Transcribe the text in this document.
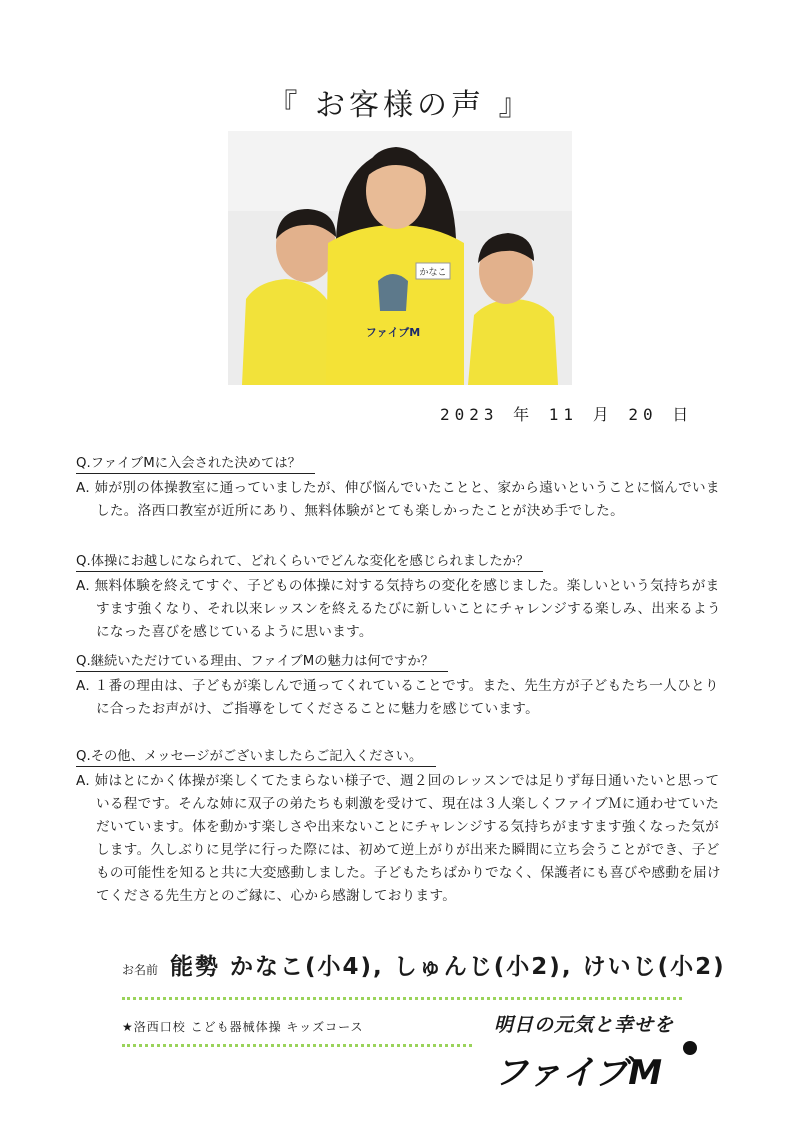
『 お客様の声 』
かなこ
ファイブM
2023 年 11 月 20 日
Q.ファイブMに入会された決めては？
A. 姉が別の体操教室に通っていましたが、伸び悩んでいたことと、家から遠いということに悩んでいました。洛西口教室が近所にあり、無料体験がとても楽しかったことが決め手でした。
Q.体操にお越しになられて、どれくらいでどんな変化を感じられましたか？
A. 無料体験を終えてすぐ、子どもの体操に対する気持ちの変化を感じました。楽しいという気持ちがますます強くなり、それ以来レッスンを終えるたびに新しいことにチャレンジする楽しみ、出来るようになった喜びを感じているように思います。
Q.継続いただけている理由、ファイブMの魅力は何ですか？
A. １番の理由は、子どもが楽しんで通ってくれていることです。また、先生方が子どもたち一人ひとりに合ったお声がけ、ご指導をしてくださることに魅力を感じています。
Q.その他、メッセージがございましたらご記入ください。
A. 姉はとにかく体操が楽しくてたまらない様子で、週２回のレッスンでは足りず毎日通いたいと思っている程です。そんな姉に双子の弟たちも刺激を受けて、現在は３人楽しくファイブＭに通わせていただいています。体を動かす楽しさや出来ないことにチャレンジする気持ちがますます強くなった気がします。久しぶりに見学に行った際には、初めて逆上がりが出来た瞬間に立ち会うことができ、子どもの可能性を知ると共に大変感動しました。子どもたちばかりでなく、保護者にも喜びや感動を届けてくださる先生方とのご縁に、心から感謝しております。
お名前 能勢 かなこ(小4), しゅんじ(小2), けいじ(小2)
★洛西口校 こども器械体操 キッズコース	明日の元気と幸せを
ファイブM
